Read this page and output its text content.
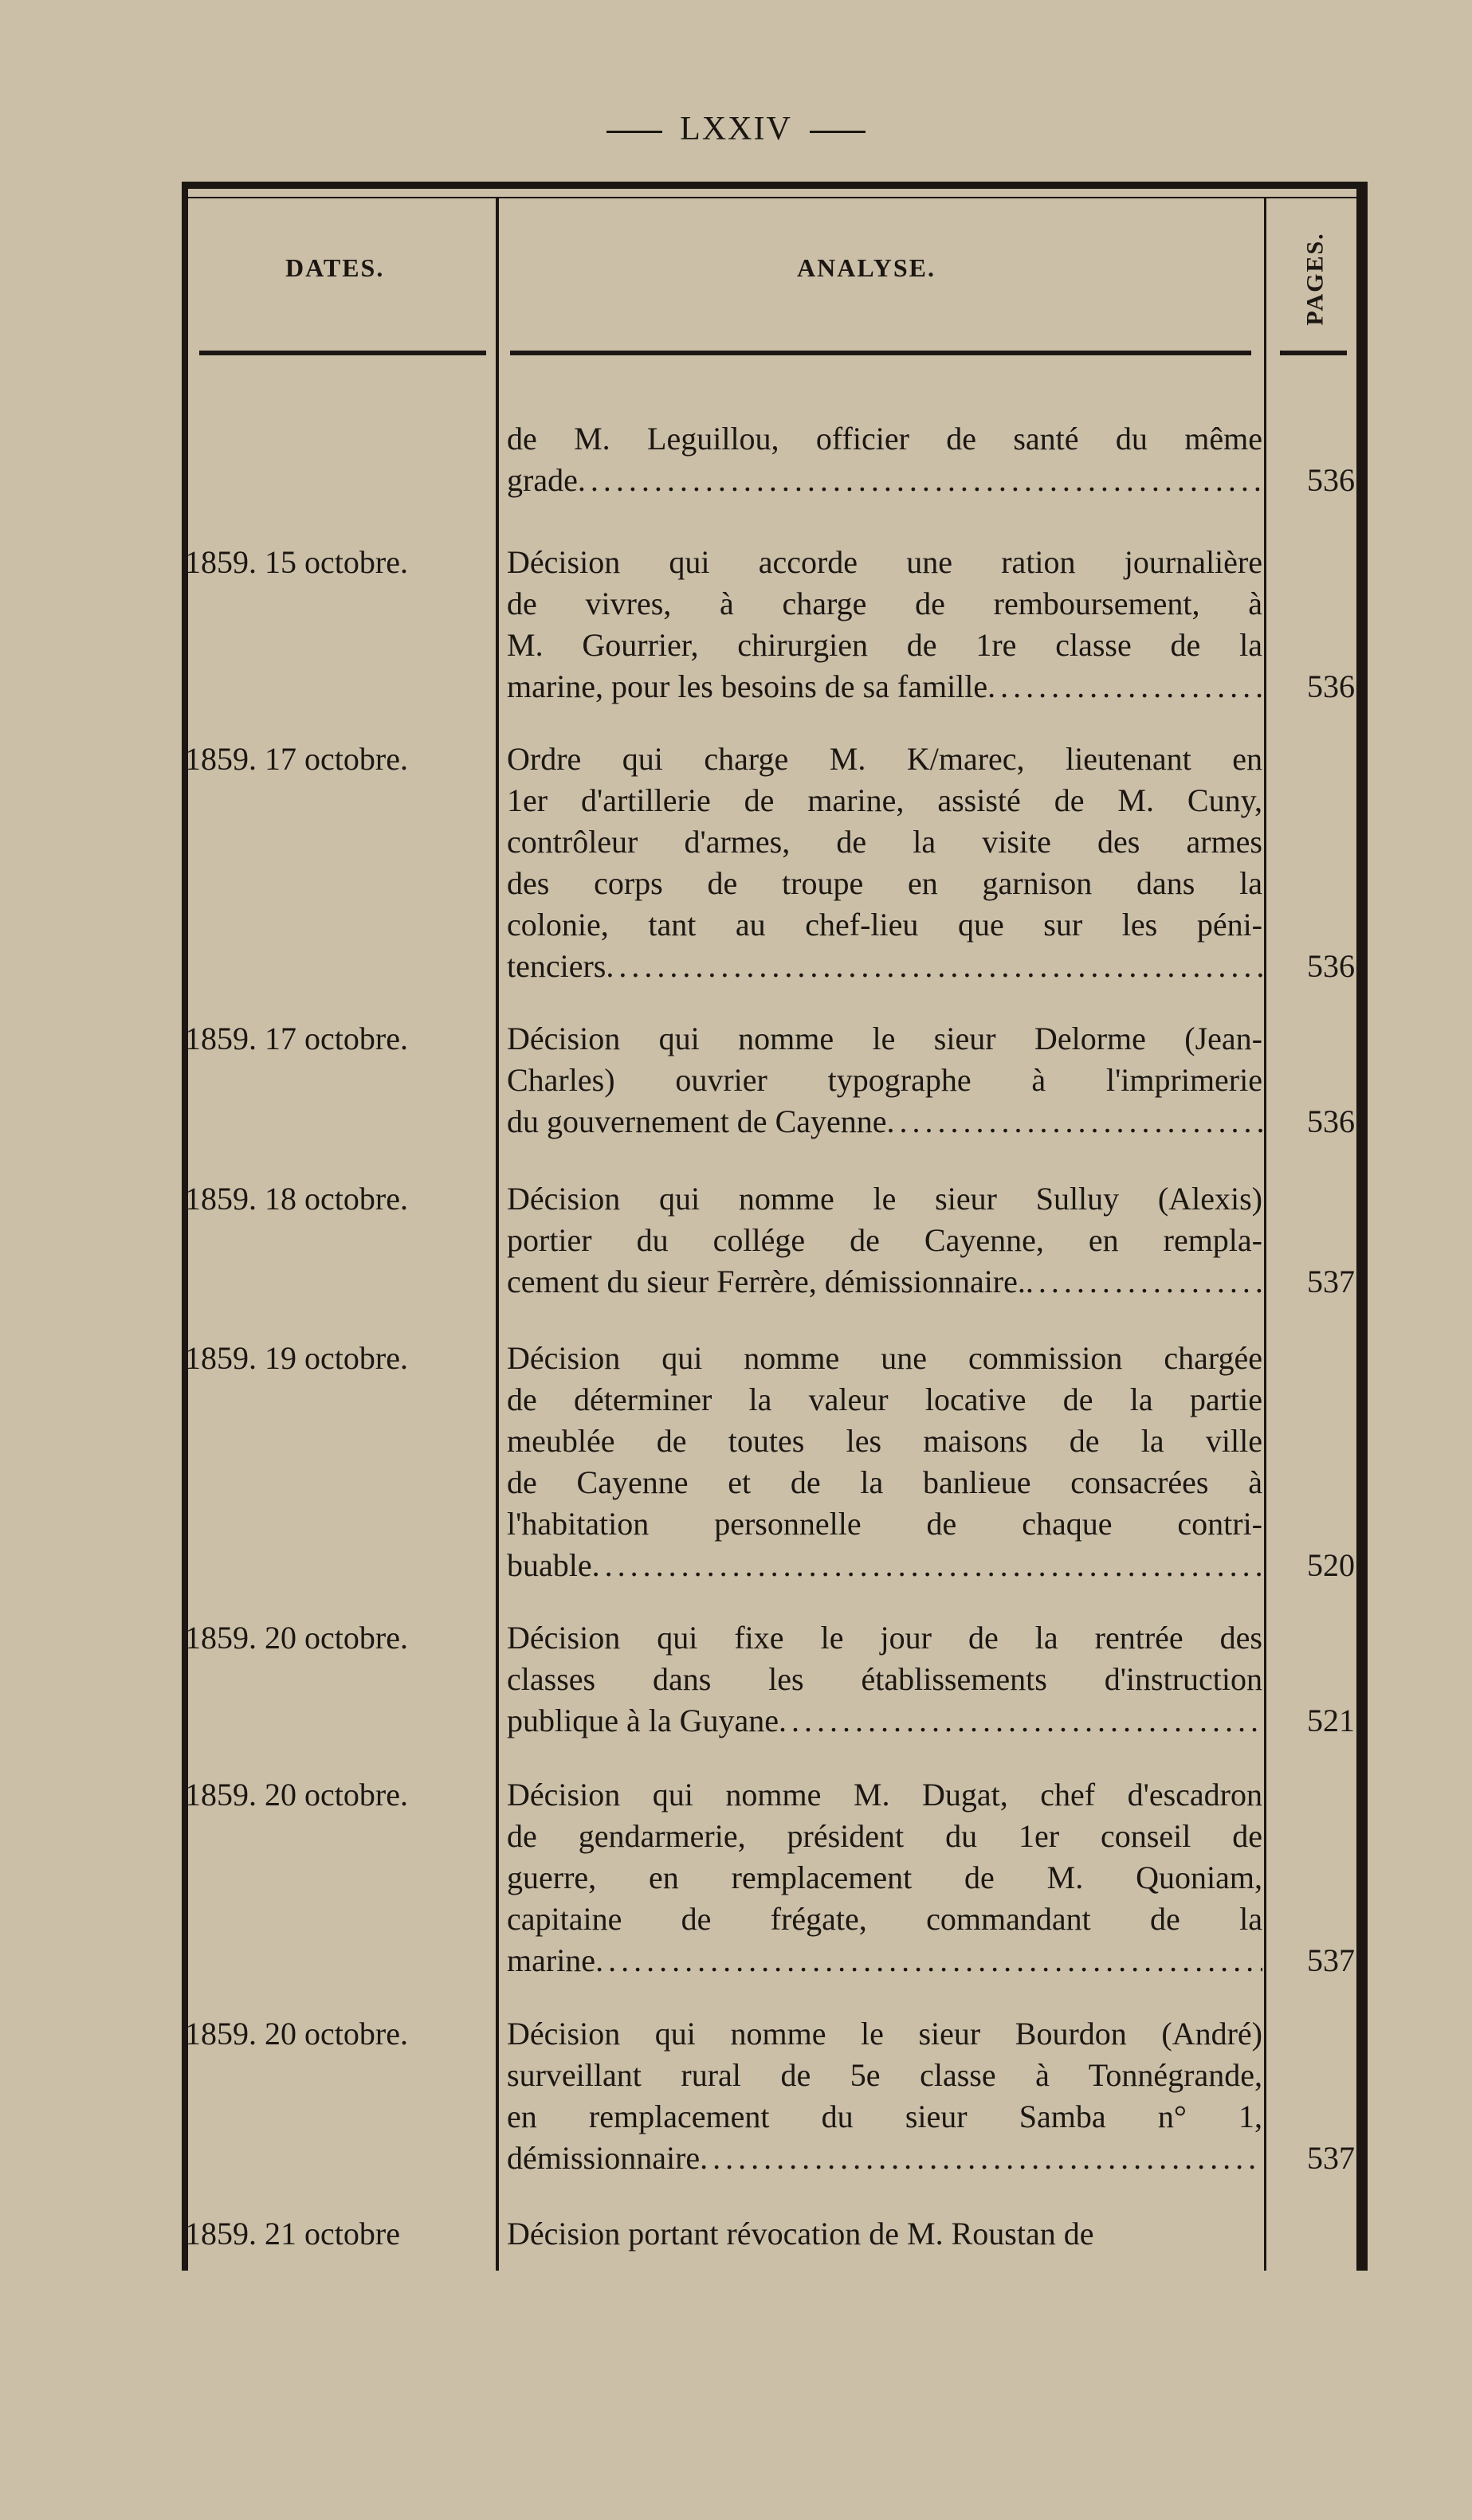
LXXIV
DATES.	ANALYSE.	PAGES.
de M. Leguillou, officier de santé du même
grade .....	536
1859. 15 octobre.	Décision qui accorde une ration journalière
de vivres, à charge de remboursement, à
M. Gourrier, chirurgien de 1re classe de la
marine, pour les besoins de sa famille .....	536
1859. 17 octobre.	Ordre qui charge M. K/marec, lieutenant en
1er d'artillerie de marine, assisté de M. Cuny,
contrôleur d'armes, de la visite des armes
des corps de troupe en garnison dans la
colonie, tant au chef-lieu que sur les péni-
tenciers .....	536
1859. 17 octobre.	Décision qui nomme le sieur Delorme (Jean-
Charles) ouvrier typographe à l'imprimerie
du gouvernement de Cayenne .....	536
1859. 18 octobre.	Décision qui nomme le sieur Sulluy (Alexis)
portier du collége de Cayenne, en rempla-
cement du sieur Ferrère, démissionnaire. .....	537
1859. 19 octobre.	Décision qui nomme une commission chargée
de déterminer la valeur locative de la partie
meublée de toutes les maisons de la ville
de Cayenne et de la banlieue consacrées à
l'habitation personnelle de chaque contri-
buable .....	520
1859. 20 octobre.	Décision qui fixe le jour de la rentrée des
classes dans les établissements d'instruction
publique à la Guyane .....	521
1859. 20 octobre.	Décision qui nomme M. Dugat, chef d'escadron
de gendarmerie, président du 1er conseil de
guerre, en remplacement de M. Quoniam,
capitaine de frégate, commandant de la
marine .....	537
1859. 20 octobre.	Décision qui nomme le sieur Bourdon (André)
surveillant rural de 5e classe à Tonnégrande,
en remplacement du sieur Samba n° 1,
démissionnaire .....	537
1859. 21 octobre	Décision portant révocation de M. Roustan de
